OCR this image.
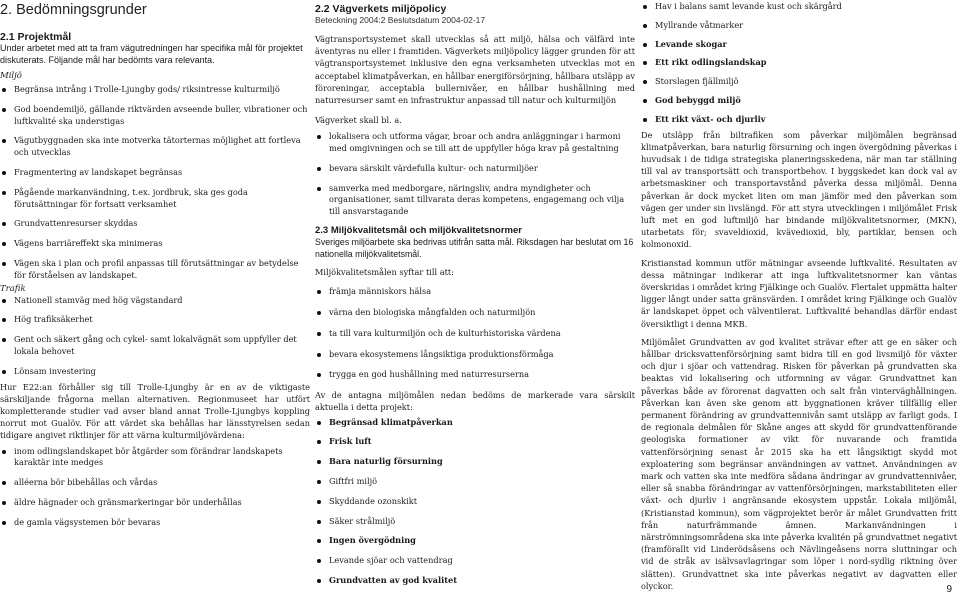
2. Bedömningsgrunder
2.1 Projektmål

Under arbetet med att ta fram vägutredningen har specifika mål för projektet diskuterats. Följande mål har bedömts vara relevanta.

Miljö

Begränsa intrång i Trolle-Ljungby gods/ riksintresse kulturmiljö
God boendemiljö, gällande riktvärden avseende buller, vibrationer och luftkvalité ska understigas
Vägutbyggnaden ska inte motverka tätorternas möjlighet att fortleva och utvecklas
Fragmentering av landskapet begränsas
Pågående markanvändning, t.ex. jordbruk, ska ges goda förutsättningar för fortsatt verksamhet
Grundvattenresurser skyddas
Vägens barriäreffekt ska minimeras
Vägen ska i plan och profil anpassas till förutsättningar av betydelse för förståelsen av landskapet.

Trafik

Nationell stamväg med hög vägstandard
Hög trafiksäkerhet
Gent och säkert gång och cykel- samt lokalvägnät som uppfyller det lokala behovet
Lönsam investering

Hur E22:an förhåller sig till Trolle-Ljungby är en av de viktigaste särskiljande frågorna mellan alternativen. Regionmuseet har utfört kompletterande studier vad avser bland annat Trolle-Ljungbys koppling norrut mot Gualöv. För att värdet ska behållas har länsstyrelsen sedan tidigare angivet riktlinjer för att värna kulturmiljövärdena:

inom odlingslandskapet bör åtgärder som förändrar landskapets karaktär inte medges
alléerna bör bibehållas och vårdas
äldre hägnader och gränsmarkeringar bör underhållas
de gamla vägsystemen bör bevaras
2.2 Vägverkets miljöpolicy
Beteckning 2004:2 Beslutsdatum 2004-02-17

Vägtransportsystemet skall utvecklas så att miljö, hälsa och välfärd inte äventyras nu eller i framtiden. Vägverkets miljöpolicy lägger grunden för att vägtransportsystemet inklusive den egna verksamheten utvecklas mot en acceptabel klimatpåverkan, en hållbar energiförsörjning, hållbara utsläpp av föroreningar, acceptabla bullernivåer, en hållbar hushållning med naturresurser samt en infrastruktur anpassad till natur och kulturmiljön

Vägverket skall bl. a.

lokalisera och utforma vägar, broar och andra anläggningar i harmoni med omgivningen och se till att de uppfyller höga krav på gestaltning
bevara särskilt värdefulla kultur- och naturmiljöer
samverka med medborgare, näringsliv, andra myndigheter och organisationer, samt tillvarata deras kompetens, engagemang och vilja till ansvarstagande
2.3 Miljökvalitetsmål och miljökvalitetsnormer

Sveriges miljöarbete ska bedrivas utifrån satta mål. Riksdagen har beslutat om 16 nationella miljökvalitetsmål.

Miljökvalitetsmålen syftar till att:

främja människors hälsa
värna den biologiska mångfalden och naturmiljön
ta till vara kulturmiljön och de kulturhistoriska värdena
bevara ekosystemens långsiktiga produktionsförmåga
trygga en god hushållning med naturresurserna

Av de antagna miljömålen nedan bedöms de markerade vara särskilt aktuella i detta projekt:

Begränsad klimatpåverkan
Frisk luft
Bara naturlig försurning
Giftfri miljö
Skyddande ozonskikt
Säker strålmiljö
Ingen övergödning
Levande sjöar och vattendrag
Grundvatten av god kvalitet
Hav i balans samt levande kust och skärgård
Myllrande våtmarker
Levande skogar
Ett rikt odlingslandskap
Storslagen fjällmiljö
God bebyggd miljö
Ett rikt växt- och djurliv

De utsläpp från biltrafiken som påverkar miljömålen begränsad klimatpåverkan, bara naturlig försurning och ingen övergödning påverkas i huvudsak i de tidiga strategiska planeringsskedena, när man tar ställning till val av transportsätt och transportbehov. I byggskedet kan dock val av arbetsmaskiner och transportavstånd påverka dessa miljömål. Denna påverkan är dock mycket liten om man jämför med den påverkan som vägen ger under sin livslängd. För att styra utvecklingen i miljömålet Frisk luft met en god luftmiljö har bindande miljökvalitetsnormer, (MKN), utarbetats för; svaveldioxid, kvävedioxid, bly, partiklar, bensen och kolmonoxid.

Kristianstad kommun utför mätningar avseende luftkvalité. Resultaten av dessa mätningar indikerar att inga luftkvalitetsnormer kan väntas överskridas i området kring Fjälkinge och Gualöv. Flertalet uppmätta halter ligger långt under satta gränsvärden. I området kring Fjälkinge och Gualöv är landskapet öppet och välventilerat. Luftkvalité behandlas därför endast översiktligt i denna MKB.

Miljömålet Grundvatten av god kvalitet strävar efter att ge en säker och hållbar dricksvattenförsörjning samt bidra till en god livsmiljö för växter och djur i sjöar och vattendrag. Risken för påverkan på grundvatten ska beaktas vid lokalisering och utformning av vägar. Grundvattnet kan påverkas både av förorenat dagvatten och salt från vinterväghållningen. Påverkan kan även ske genom att byggnationen kräver tillfällig eller permanent förändring av grundvattennivån samt utsläpp av farligt gods. I de regionala delmålen för Skåne anges att skydd för grundvattenförande geologiska formationer av vikt för nuvarande och framtida vattenförsörjning senast år 2015 ska ha ett långsiktigt skydd mot exploatering som begränsar användningen av vattnet. Användningen av mark och vatten ska inte medföra sådana ändringar av grundvattennivåer, eller så snabba förändringar av vattenförsörjningen, markstabiliteten eller växt- och djurliv i angränsande ekosystem uppstår. Lokala miljömål, (Kristianstad kommun), som vägprojektet berör är målet Grundvatten fritt från naturfrämmande ämnen. Markanvändningen i närströmningsområdena ska inte påverka kvalitén på grundvattnet negativt (framförallt vid Linderödsåsens och Nävlingeåsens norra sluttningar och vid de stråk av isälvsavlagringar som löper i nord-sydlig riktning över slätten). Grundvattnet ska inte påverkas negativt av dagvatten eller olyckor.	9
